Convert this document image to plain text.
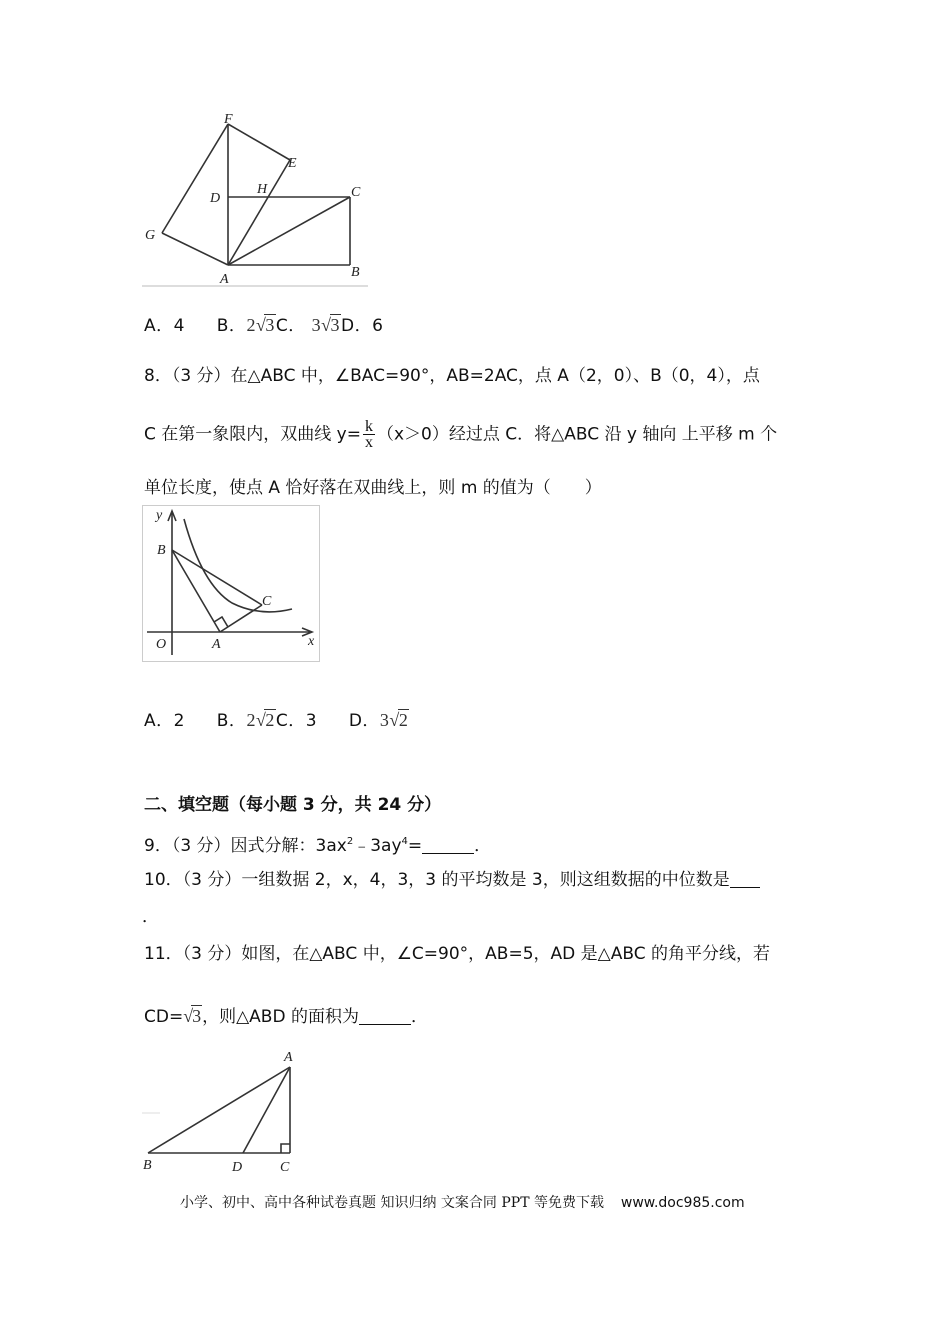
F
E
D
H	C
G
A	B
A．4 B．2√3C． 3√3D．6
8．（3 分）在△ABC 中，∠BAC=90°，AB=2AC，点 A（2，0）、B（0，4），点
C 在第一象限内，双曲线 $y= \frac{k}{x} (x>0)$经过点 C．将△ABC 沿 y 轴向 上平移 m 个
单位长度，使点 A 恰好落在双曲线上，则 m 的值为（　　）
y
B
C
O	A	x
A．2 B．2√2C．3 D．3√2
二、填空题（每小题 3 分，共 24 分）
9．（3 分）因式分解：$3ax^2﹣3ay^4=$	．
10．（3 分）一组数据 2，x，4，3，3 的平均数是 3，则这组数据的中位数是
．
11．（3 分）如图，在△ABC 中，∠C=90°，AB=5，AD 是△ABC 的角平分线，若
CD=√3，则△ABD 的面积为	．
A
B	D	C
小学、初中、高中各种试卷真题 知识归纳 文案合同 PPT 等免费下载 www.doc985.com
